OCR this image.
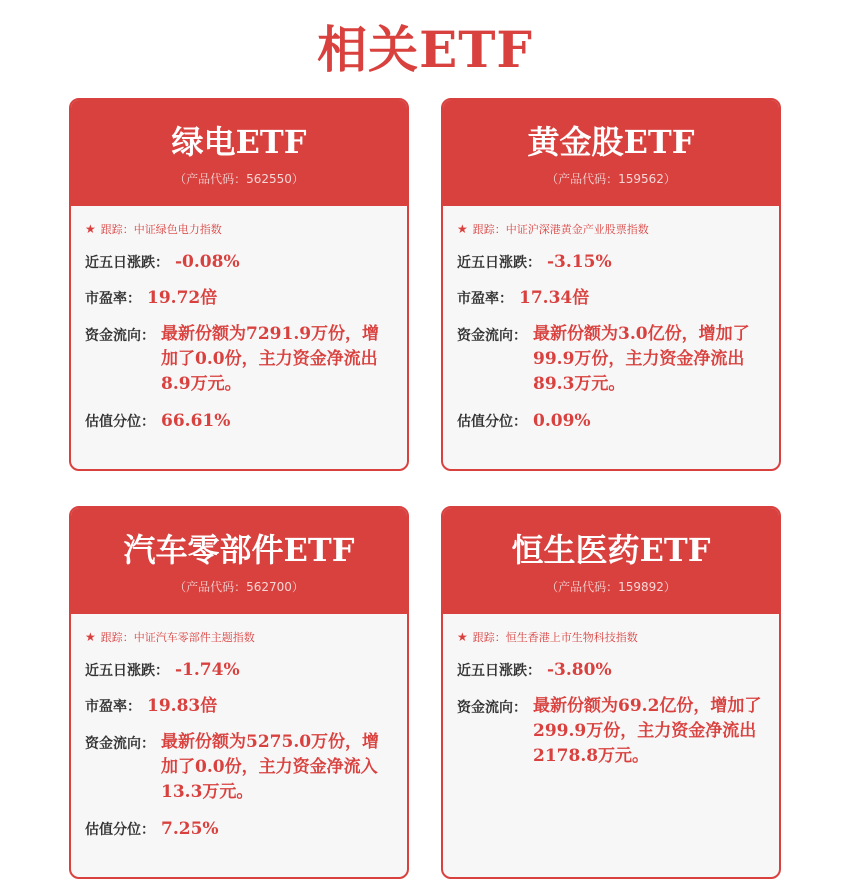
相关ETF
绿电ETF
（产品代码：562550）
★ 跟踪： 中证绿色电力指数
近五日涨跌： -0.08%
市盈率： 19.72倍
资金流向： 最新份额为7291.9万份，增加了0.0份，主力资金净流出8.9万元。
估值分位： 66.61%
黄金股ETF
（产品代码：159562）
★ 跟踪： 中证沪深港黄金产业股票指数
近五日涨跌： -3.15%
市盈率： 17.34倍
资金流向： 最新份额为3.0亿份，增加了99.9万份，主力资金净流出89.3万元。
估值分位： 0.09%
汽车零部件ETF
（产品代码：562700）
★ 跟踪： 中证汽车零部件主题指数
近五日涨跌： -1.74%
市盈率： 19.83倍
资金流向： 最新份额为5275.0万份，增加了0.0份，主力资金净流入13.3万元。
估值分位： 7.25%
恒生医药ETF
（产品代码：159892）
★ 跟踪： 恒生香港上市生物科技指数
近五日涨跌： -3.80%
资金流向： 最新份额为69.2亿份，增加了299.9万份，主力资金净流出2178.8万元。
